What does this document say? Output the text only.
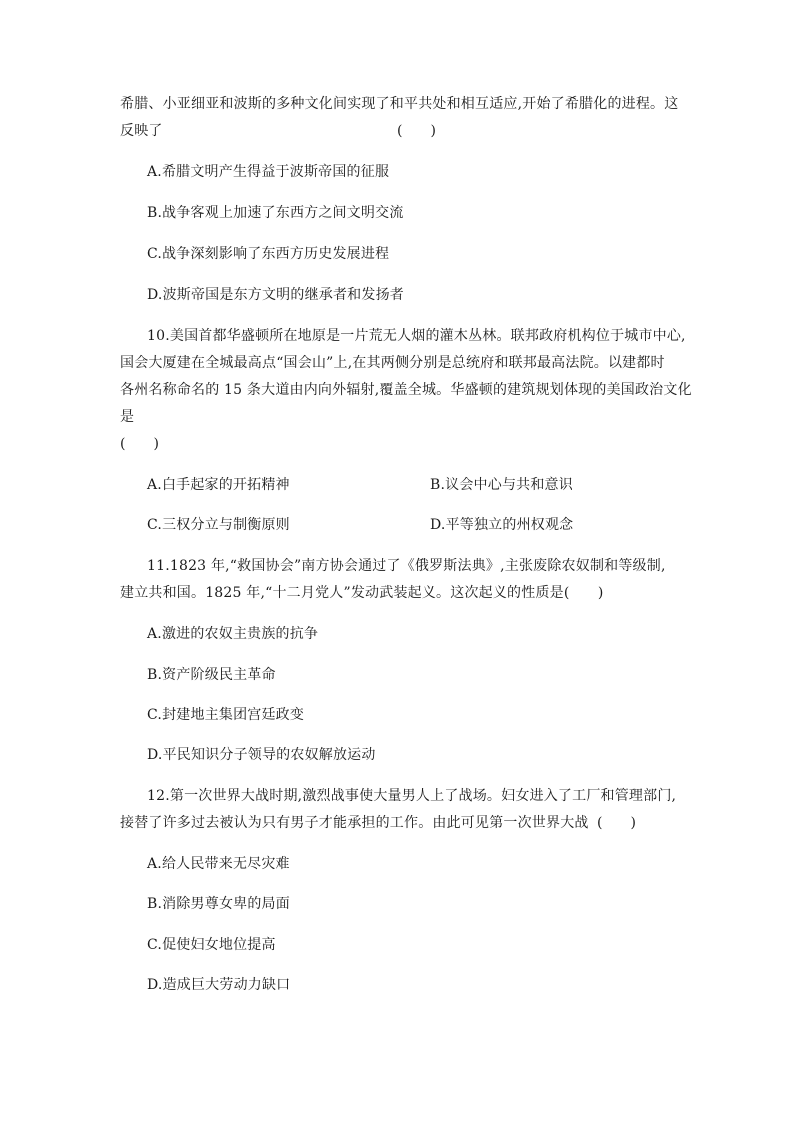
希腊、小亚细亚和波斯的多种文化间实现了和平共处和相互适应,开始了希腊化的进程。这
反映了	(　　)
A.希腊文明产生得益于波斯帝国的征服
B.战争客观上加速了东西方之间文明交流
C.战争深刻影响了东西方历史发展进程
D.波斯帝国是东方文明的继承者和发扬者
10.美国首都华盛顿所在地原是一片荒无人烟的灌木丛林。联邦政府机构位于城市中心,
国会大厦建在全城最高点“国会山”上,在其两侧分别是总统府和联邦最高法院。以建都时
各州名称命名的 15 条大道由内向外辐射,覆盖全城。华盛顿的建筑规划体现的美国政治文化
是
(　　)
A.白手起家的开拓精神	B.议会中心与共和意识
C.三权分立与制衡原则	D.平等独立的州权观念
11.1823 年,“救国协会”南方协会通过了《俄罗斯法典》,主张废除农奴制和等级制,
建立共和国。1825 年,“十二月党人”发动武装起义。这次起义的性质是(　　)
A.激进的农奴主贵族的抗争
B.资产阶级民主革命
C.封建地主集团宫廷政变
D.平民知识分子领导的农奴解放运动
12.第一次世界大战时期,激烈战事使大量男人上了战场。妇女进入了工厂和管理部门,
接替了许多过去被认为只有男子才能承担的工作。由此可见第一次世界大战 (　　)
A.给人民带来无尽灾难
B.消除男尊女卑的局面
C.促使妇女地位提高
D.造成巨大劳动力缺口
